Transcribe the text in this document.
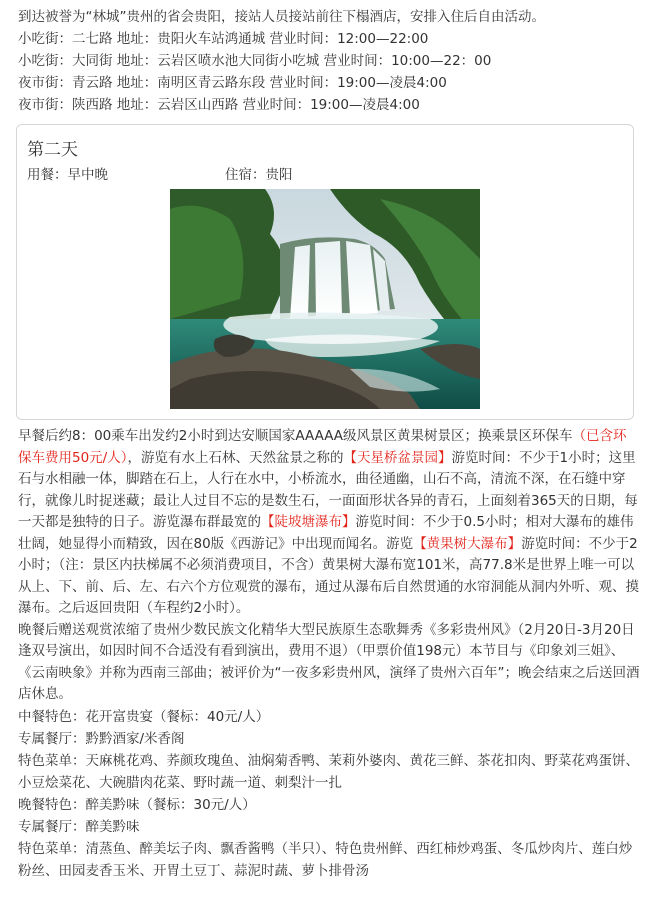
到达被誉为“林城”贵州的省会贵阳，接站人员接站前往下榻酒店，安排入住后自由活动。
小吃街：二七路 地址：贵阳火车站鸿通城 营业时间：12:00—22:00
小吃街：大同街 地址：云岩区喷水池大同街小吃城 营业时间：10:00—22：00
夜市街：青云路 地址：南明区青云路东段 营业时间：19:00—凌晨4:00
夜市街：陕西路 地址：云岩区山西路 营业时间：19:00—凌晨4:00
第二天
用餐：早中晚	住宿：贵阳

早餐后约8：00乘车出发约2小时到达安顺国家AAAAA级风景区黄果树景区；换乘景区环保车（已含环保车费用50元/人），游览有水上石林、天然盆景之称的【天星桥盆景园】游览时间：不少于1小时；这里石与水相融一体，脚踏在石上，人行在水中，小桥流水，曲径通幽，山石不高，清流不深，在石缝中穿行，就像儿时捉迷藏；最让人过目不忘的是数生石，一面面形状各异的青石，上面刻着365天的日期，每一天都是独特的日子。游览瀑布群最宽的【陡坡塘瀑布】游览时间：不少于0.5小时；相对大瀑布的雄伟壮阔，她显得小而精致，因在80版《西游记》中出现而闻名。游览【黄果树大瀑布】游览时间：不少于2小时；（注：景区内扶梯属不必须消费项目，不含）黄果树大瀑布宽101米，高77.8米是世界上唯一可以从上、下、前、后、左、右六个方位观赏的瀑布，通过从瀑布后自然贯通的水帘洞能从洞内外听、观、摸瀑布。之后返回贵阳（车程约2小时）。

晚餐后赠送观赏浓缩了贵州少数民族文化精华大型民族原生态歌舞秀《多彩贵州风》（2月20日-3月20日逢双号演出，如因时间不合适没有看到演出，费用不退）（甲票价值198元）本节目与《印象刘三姐》、《云南映象》并称为西南三部曲；被评价为“一夜多彩贵州风，演绎了贵州六百年”；晚会结束之后送回酒店休息。

中餐特色：花开富贵宴（餐标：40元/人）
专属餐厅：黔黔酒家/米香阁
特色菜单：天麻桃花鸡、荞颜玫瑰鱼、油焖菊香鸭、茉莉外婆肉、黄花三鲜、茶花扣肉、野菜花鸡蛋饼、小豆烩菜花、大碗腊肉花菜、野时蔬一道、刺梨汁一扎
晚餐特色：醉美黔味（餐标：30元/人）
专属餐厅：醉美黔味
特色菜单：清蒸鱼、醉美坛子肉、飘香酱鸭（半只）、特色贵州鲜、西红柿炒鸡蛋、冬瓜炒肉片、莲白炒粉丝、田园麦香玉米、开胃土豆丁、蒜泥时蔬、萝卜排骨汤
